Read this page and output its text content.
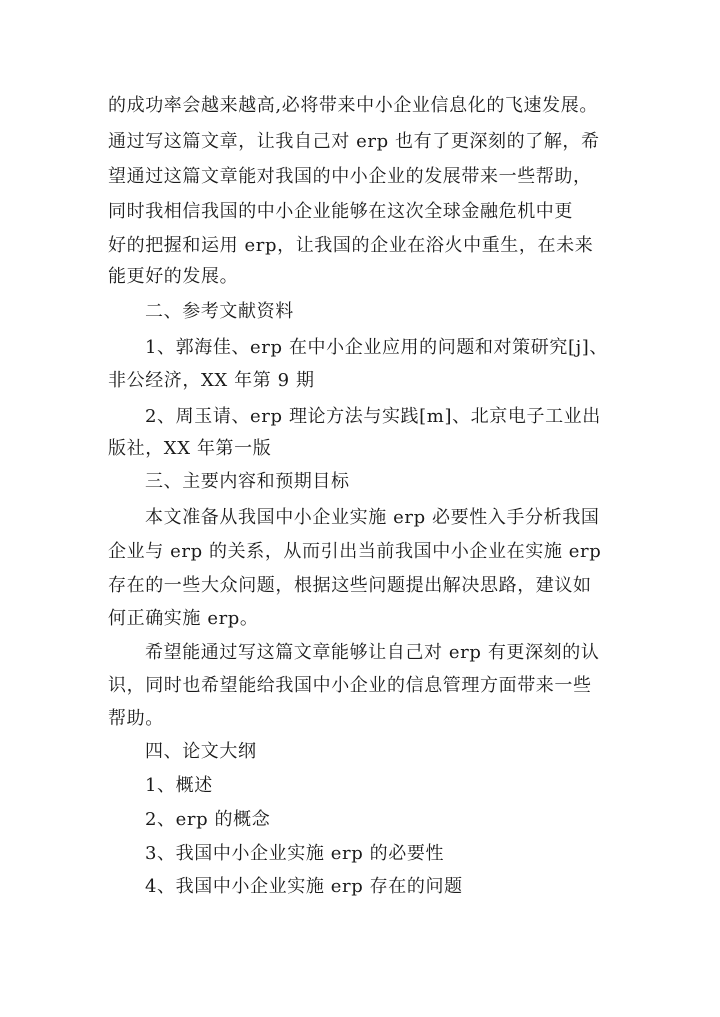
的成功率会越来越高,必将带来中小企业信息化的飞速发展。
通过写这篇文章，让我自己对 erp 也有了更深刻的了解，希
望通过这篇文章能对我国的中小企业的发展带来一些帮助，
同时我相信我国的中小企业能够在这次全球金融危机中更
好的把握和运用 erp，让我国的企业在浴火中重生，在未来
能更好的发展。
二、参考文献资料
1、郭海佳、erp 在中小企业应用的问题和对策研究[j]、
非公经济，XX 年第 9 期
2、周玉请、erp 理论方法与实践[m]、北京电子工业出
版社，XX 年第一版
三、主要内容和预期目标
本文准备从我国中小企业实施 erp 必要性入手分析我国
企业与 erp 的关系，从而引出当前我国中小企业在实施 erp
存在的一些大众问题，根据这些问题提出解决思路，建议如
何正确实施 erp。
希望能通过写这篇文章能够让自己对 erp 有更深刻的认
识，同时也希望能给我国中小企业的信息管理方面带来一些
帮助。
四、论文大纲
1、概述
2、erp 的概念
3、我国中小企业实施 erp 的必要性
4、我国中小企业实施 erp 存在的问题
